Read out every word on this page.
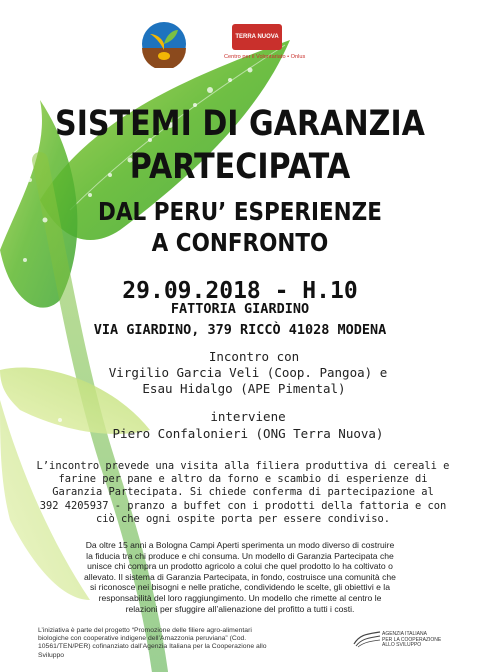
TERRA NUOVA
Centro per il Volontariato • Onlus
SISTEMI DI GARANZIA
PARTECIPATA
DAL PERU’ ESPERIENZE
A CONFRONTO
29.09.2018 - H.10
FATTORIA GIARDINO
VIA GIARDINO, 379 RICCÒ 41028 MODENA
Incontro con
Virgilio Garcia Veli (Coop. Pangoa) e
Esau Hidalgo (APE Pimental)
interviene
Piero Confalonieri (ONG Terra Nuova)
L’incontro prevede una visita alla filiera produttiva di cereali e
farine per pane e altro da forno e scambio di esperienze di
Garanzia Partecipata. Si chiede conferma di partecipazione al
392 4205937 - pranzo a buffet con i prodotti della fattoria e con
ciò che ogni ospite porta per essere condiviso.
Da oltre 15 anni a Bologna Campi Aperti sperimenta un modo diverso di costruire
la fiducia tra chi produce e chi consuma. Un modello di Garanzia Partecipata che
unisce chi compra un prodotto agricolo a colui che quel prodotto lo ha coltivato o
allevato. Il sistema di Garanzia Partecipata, in fondo, costruisce una comunità che
si riconosce nei bisogni e nelle pratiche, condividendo le scelte, gli obiettivi e la
responsabilità del loro raggiungimento. Un modello che rimette al centro le
relazioni per sfuggire all’alienazione del profitto a tutti i costi.
L’iniziativa è parte del progetto “Promozione delle filiere agro-alimentari
biologiche con cooperative indigene dell’Amazzonia peruviana” (Cod.
10561/TEN/PER) cofinanziato dall’Agenzia Italiana per la Cooperazione allo
Sviluppo
AGENZIA ITALIANA
PER LA COOPERAZIONE
ALLO SVILUPPO
